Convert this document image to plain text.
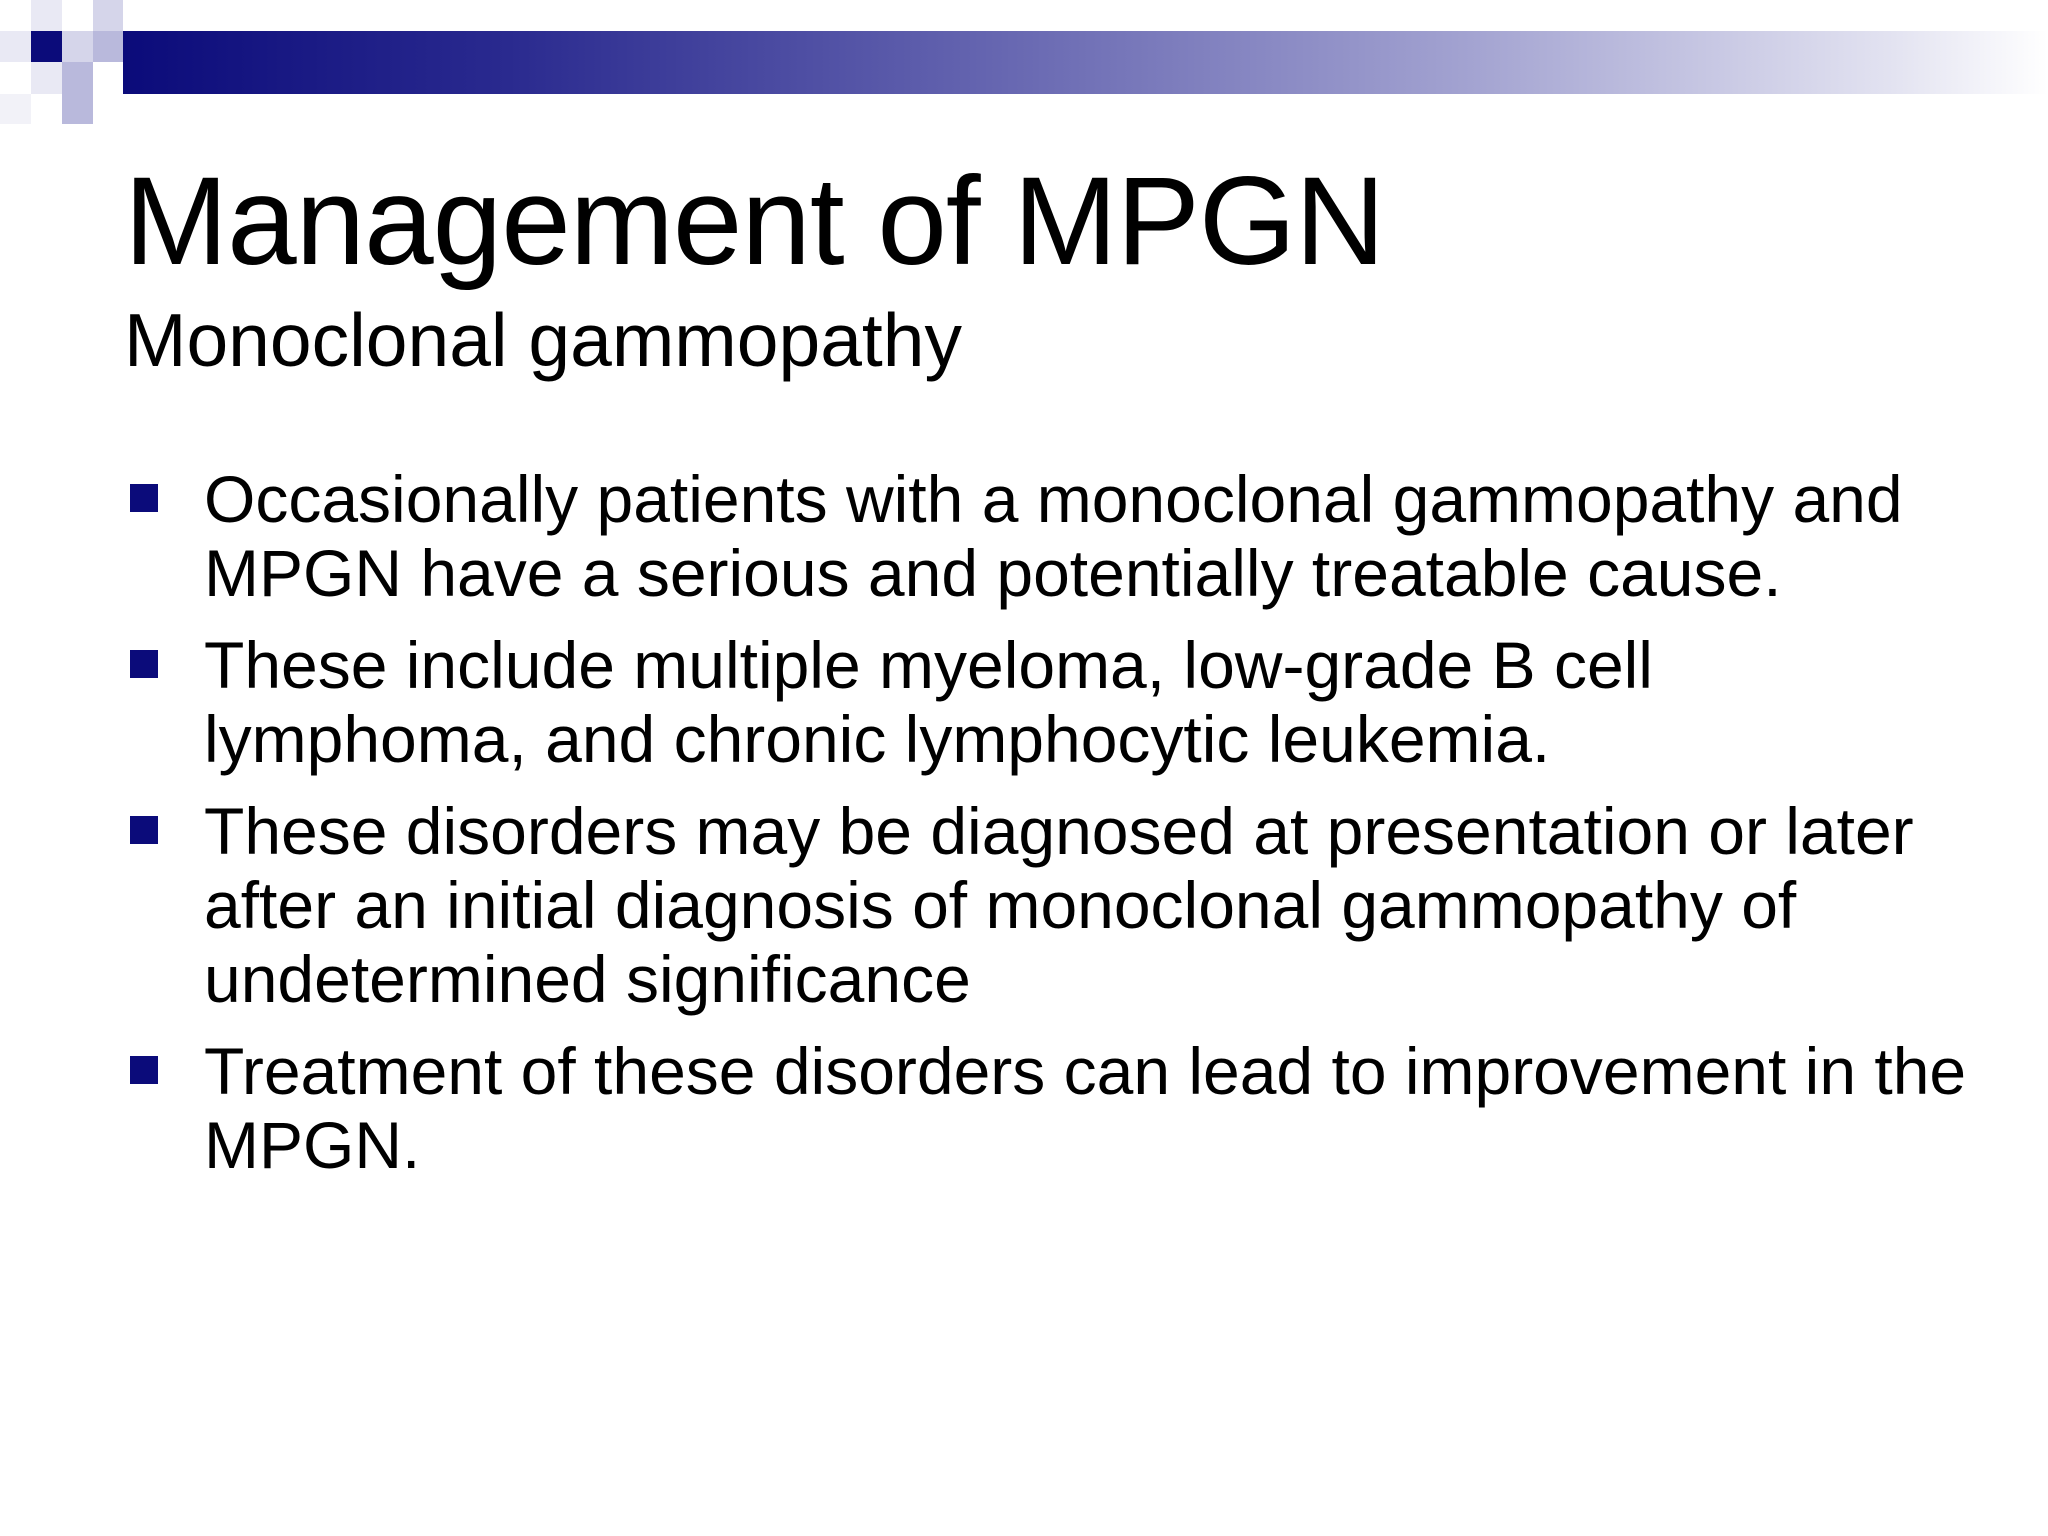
Management of MPGN
Monoclonal gammopathy
Occasionally patients with a monoclonal gammopathy and MPGN have a serious and potentially treatable cause.
These include multiple myeloma, low-grade B cell lymphoma, and chronic lymphocytic leukemia.
These disorders may be diagnosed at presentation or later after an initial diagnosis of monoclonal gammopathy of undetermined significance
Treatment of these disorders can lead to improvement in the MPGN.
